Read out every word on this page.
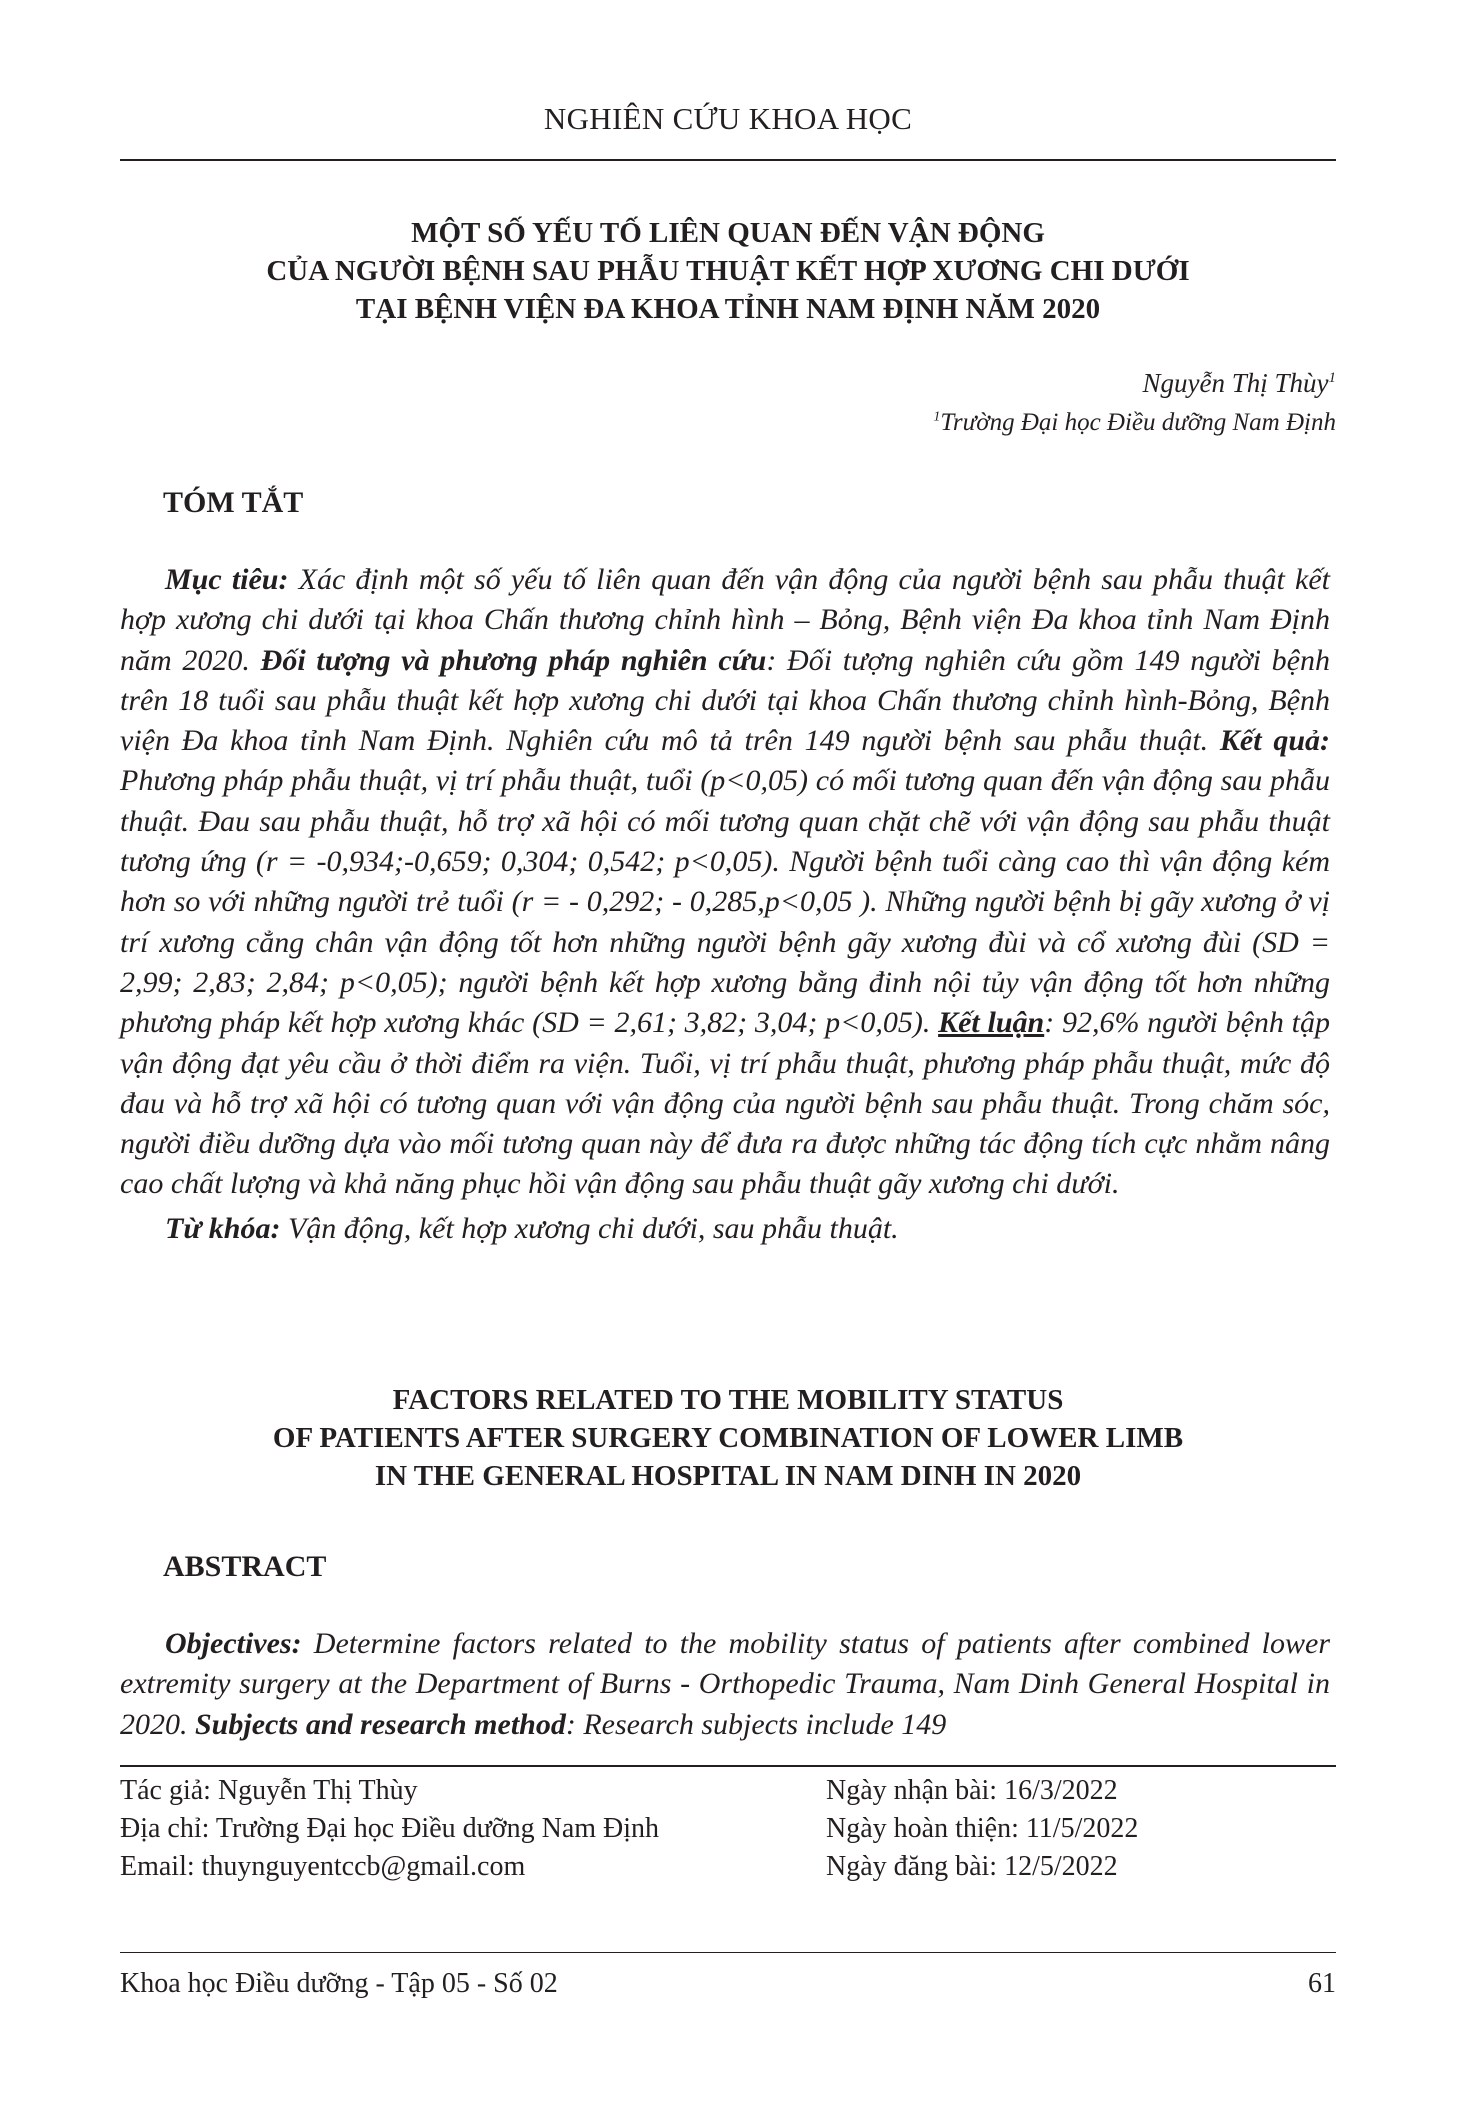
NGHIÊN CỨU KHOA HỌC
MỘT SỐ YẾU TỐ LIÊN QUAN ĐẾN VẬN ĐỘNG
CỦA NGƯỜI BỆNH SAU PHẪU THUẬT KẾT HỢP XƯƠNG CHI DƯỚI
TẠI BỆNH VIỆN ĐA KHOA TỈNH NAM ĐỊNH NĂM 2020
Nguyễn Thị Thùy$^1$
$^1$Trường Đại học Điều dưỡng Nam Định
TÓM TẮT

Mục tiêu: Xác định một số yếu tố liên quan đến vận động của người bệnh sau phẫu thuật kết hợp xương chi dưới tại khoa Chấn thương chỉnh hình – Bỏng, Bệnh viện Đa khoa tỉnh Nam Định năm 2020. Đối tượng và phương pháp nghiên cứu: Đối tượng nghiên cứu gồm 149 người bệnh trên 18 tuổi sau phẫu thuật kết hợp xương chi dưới tại khoa Chấn thương chỉnh hình-Bỏng, Bệnh viện Đa khoa tỉnh Nam Định. Nghiên cứu mô tả trên 149 người bệnh sau phẫu thuật. Kết quả: Phương pháp phẫu thuật, vị trí phẫu thuật, tuổi (p<0,05) có mối tương quan đến vận động sau phẫu thuật. Đau sau phẫu thuật, hỗ trợ xã hội có mối tương quan chặt chẽ với vận động sau phẫu thuật tương ứng (r = -0,934;-0,659; 0,304; 0,542; p<0,05). Người bệnh tuổi càng cao thì vận động kém hơn so với những người trẻ tuổi (r = - 0,292; - 0,285,p<0,05 ). Những người bệnh bị gãy xương ở vị trí xương cẳng chân vận động tốt hơn những người bệnh gãy xương đùi và cổ xương đùi (SD = 2,99; 2,83; 2,84; p<0,05); người bệnh kết hợp xương bằng đinh nội tủy vận động tốt hơn những phương pháp kết hợp xương khác (SD = 2,61; 3,82; 3,04; p<0,05). Kết luận: 92,6% người bệnh tập vận động đạt yêu cầu ở thời điểm ra viện. Tuổi, vị trí phẫu thuật, phương pháp phẫu thuật, mức độ đau và hỗ trợ xã hội có tương quan với vận động của người bệnh sau phẫu thuật. Trong chăm sóc, người điều dưỡng dựa vào mối tương quan này để đưa ra được những tác động tích cực nhằm nâng cao chất lượng và khả năng phục hồi vận động sau phẫu thuật gãy xương chi dưới.

Từ khóa: Vận động, kết hợp xương chi dưới, sau phẫu thuật.

FACTORS RELATED TO THE MOBILITY STATUS
OF PATIENTS AFTER SURGERY COMBINATION OF LOWER LIMB
IN THE GENERAL HOSPITAL IN NAM DINH IN 2020
ABSTRACT

Objectives: Determine factors related to the mobility status of patients after combined lower extremity surgery at the Department of Burns - Orthopedic Trauma, Nam Dinh General Hospital in 2020. Subjects and research method: Research subjects include 149

Tác giả: Nguyễn Thị Thùy
Địa chỉ: Trường Đại học Điều dưỡng Nam Định
Email: thuynguyentccb@gmail.com
Ngày nhận bài: 16/3/2022
Ngày hoàn thiện: 11/5/2022
Ngày đăng bài: 12/5/2022
Khoa học Điều dưỡng - Tập 05 - Số 02	61
